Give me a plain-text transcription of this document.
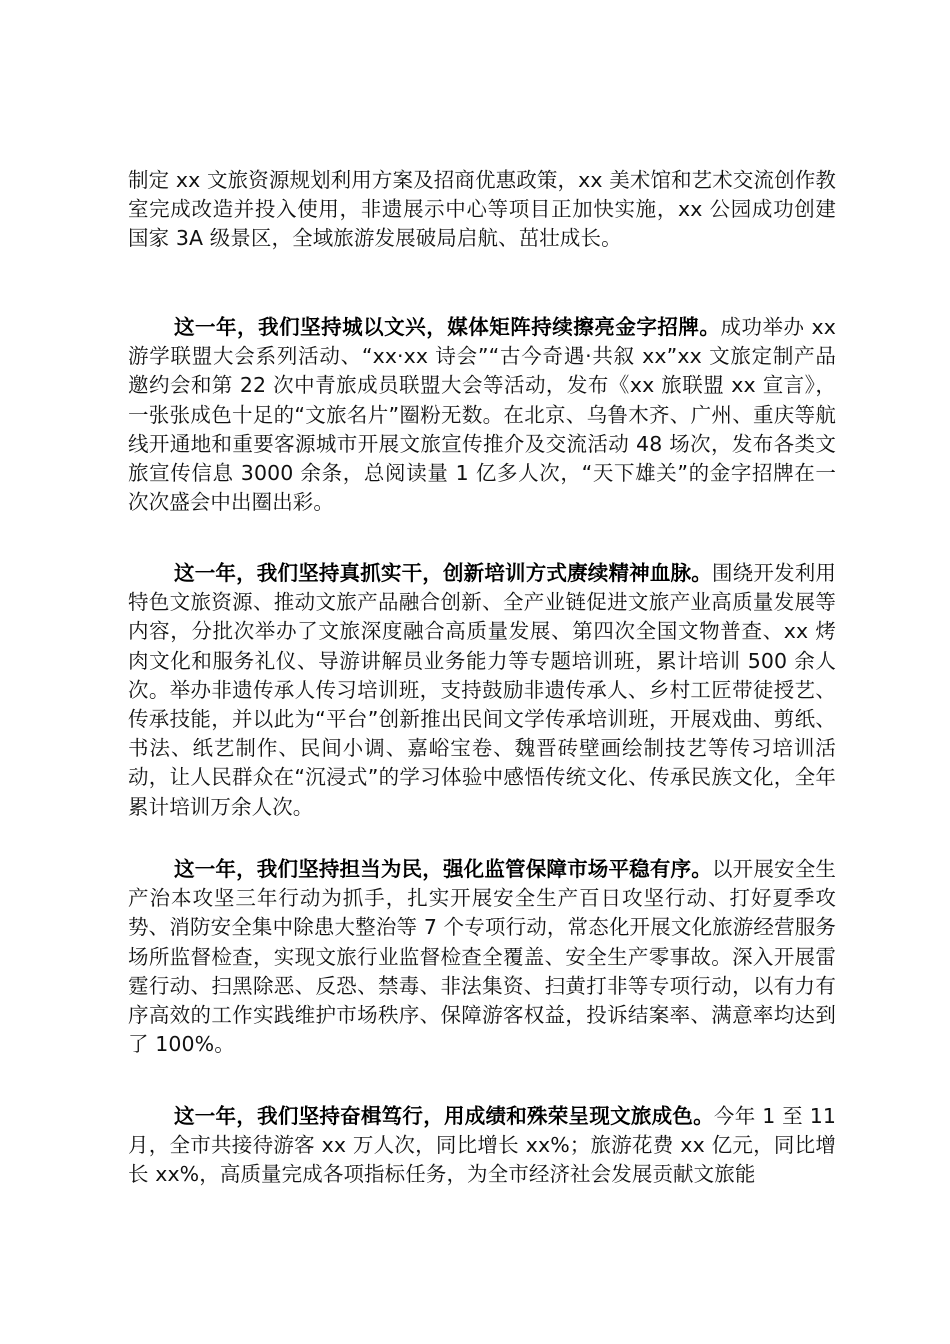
制定 xx 文旅资源规划利用方案及招商优惠政策，xx 美术馆和艺术交流创作教室完成改造并投入使用，非遗展示中心等项目正加快实施，xx 公园成功创建国家 3A 级景区，全域旅游发展破局启航、茁壮成长。

这一年，我们坚持城以文兴，媒体矩阵持续擦亮金字招牌。成功举办 xx 游学联盟大会系列活动、“xx·xx 诗会”“古今奇遇·共叙 xx”xx 文旅定制产品邀约会和第 22 次中青旅成员联盟大会等活动，发布《xx 旅联盟 xx 宣言》，一张张成色十足的“文旅名片”圈粉无数。在北京、乌鲁木齐、广州、重庆等航线开通地和重要客源城市开展文旅宣传推介及交流活动 48 场次，发布各类文旅宣传信息 3000 余条，总阅读量 1 亿多人次，“天下雄关”的金字招牌在一次次盛会中出圈出彩。

这一年，我们坚持真抓实干，创新培训方式赓续精神血脉。围绕开发利用特色文旅资源、推动文旅产品融合创新、全产业链促进文旅产业高质量发展等内容，分批次举办了文旅深度融合高质量发展、第四次全国文物普查、xx 烤肉文化和服务礼仪、导游讲解员业务能力等专题培训班，累计培训 500 余人次。举办非遗传承人传习培训班，支持鼓励非遗传承人、乡村工匠带徒授艺、传承技能，并以此为“平台”创新推出民间文学传承培训班，开展戏曲、剪纸、书法、纸艺制作、民间小调、嘉峪宝卷、魏晋砖壁画绘制技艺等传习培训活动，让人民群众在“沉浸式”的学习体验中感悟传统文化、传承民族文化，全年累计培训万余人次。

这一年，我们坚持担当为民，强化监管保障市场平稳有序。以开展安全生产治本攻坚三年行动为抓手，扎实开展安全生产百日攻坚行动、打好夏季攻势、消防安全集中除患大整治等 7 个专项行动，常态化开展文化旅游经营服务场所监督检查，实现文旅行业监督检查全覆盖、安全生产零事故。深入开展雷霆行动、扫黑除恶、反恐、禁毒、非法集资、扫黄打非等专项行动，以有力有序高效的工作实践维护市场秩序、保障游客权益，投诉结案率、满意率均达到了 100%。

这一年，我们坚持奋楫笃行，用成绩和殊荣呈现文旅成色。今年 1 至 11 月，全市共接待游客 xx 万人次，同比增长 xx%；旅游花费 xx 亿元，同比增长 xx%，高质量完成各项指标任务，为全市经济社会发展贡献文旅能
